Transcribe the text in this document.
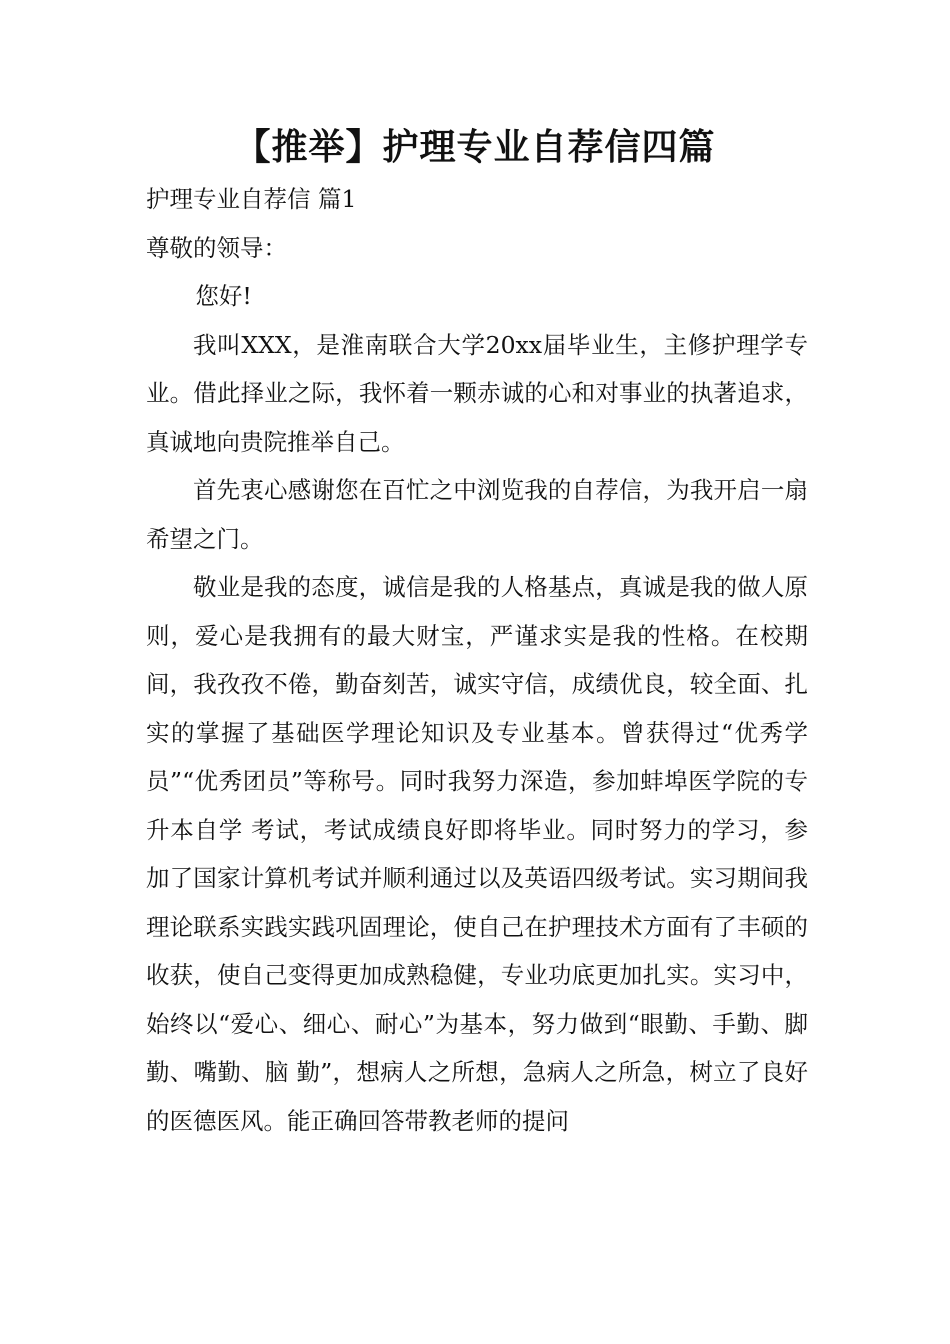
【推举】护理专业自荐信四篇

护理专业自荐信 篇1

尊敬的领导：

您好!

我叫XXX，是淮南联合大学20xx届毕业生，主修护理学专业。借此择业之际，我怀着一颗赤诚的心和对事业的执著追求，真诚地向贵院推举自己。

首先衷心感谢您在百忙之中浏览我的自荐信，为我开启一扇希望之门。

敬业是我的态度，诚信是我的人格基点，真诚是我的做人原则，爱心是我拥有的最大财宝，严谨求实是我的性格。在校期间，我孜孜不倦，勤奋刻苦，诚实守信，成绩优良，较全面、扎实的掌握了基础医学理论知识及专业基本。曾获得过“优秀学员”“优秀团员”等称号。同时我努力深造，参加蚌埠医学院的专升本自学 考试，考试成绩良好即将毕业。同时努力的学习，参加了国家计算机考试并顺利通过以及英语四级考试。实习期间我理论联系实践实践巩固理论，使自己在护理技术方面有了丰硕的收获，使自己变得更加成熟稳健，专业功底更加扎实。实习中，始终以“爱心、细心、耐心”为基本，努力做到“眼勤、手勤、脚勤、嘴勤、脑 勤”，想病人之所想，急病人之所急，树立了良好的医德医风。能正确回答带教老师的提问
